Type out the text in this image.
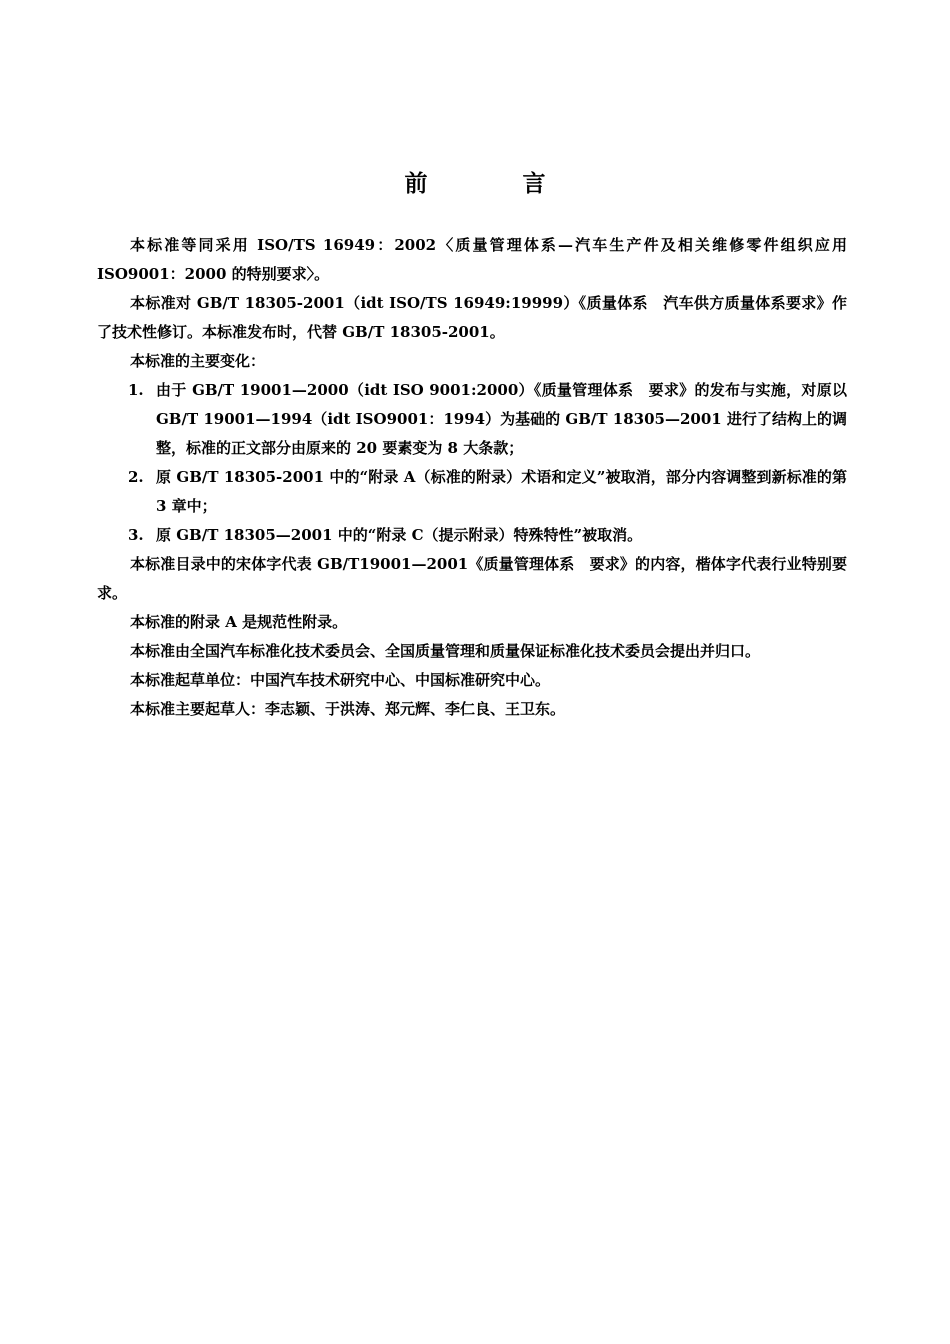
前　言

本标准等同采用 ISO/TS 16949：2002〈质量管理体系—汽车生产件及相关维修零件组织应用 ISO9001：2000 的特别要求〉。

本标准对 GB/T 18305-2001（idt ISO/TS 16949:19999）《质量体系　汽车供方质量体系要求》作了技术性修订。本标准发布时，代替 GB/T 18305-2001。

本标准的主要变化：

1. 由于 GB/T 19001—2000（idt ISO 9001:2000）《质量管理体系　要求》的发布与实施，对原以 GB/T 19001—1994（idt ISO9001：1994）为基础的 GB/T 18305—2001 进行了结构上的调整，标准的正文部分由原来的 20 要素变为 8 大条款；
2. 原 GB/T 18305-2001 中的“附录 A（标准的附录）术语和定义”被取消，部分内容调整到新标准的第 3 章中；
3. 原 GB/T 18305—2001 中的“附录 C（提示附录）特殊特性”被取消。

本标准目录中的宋体字代表 GB/T19001—2001《质量管理体系　要求》的内容，楷体字代表行业特别要求。

本标准的附录 A 是规范性附录。

本标准由全国汽车标准化技术委员会、全国质量管理和质量保证标准化技术委员会提出并归口。

本标准起草单位：中国汽车技术研究中心、中国标准研究中心。

本标准主要起草人：李志颖、于洪涛、郑元辉、李仁良、王卫东。
